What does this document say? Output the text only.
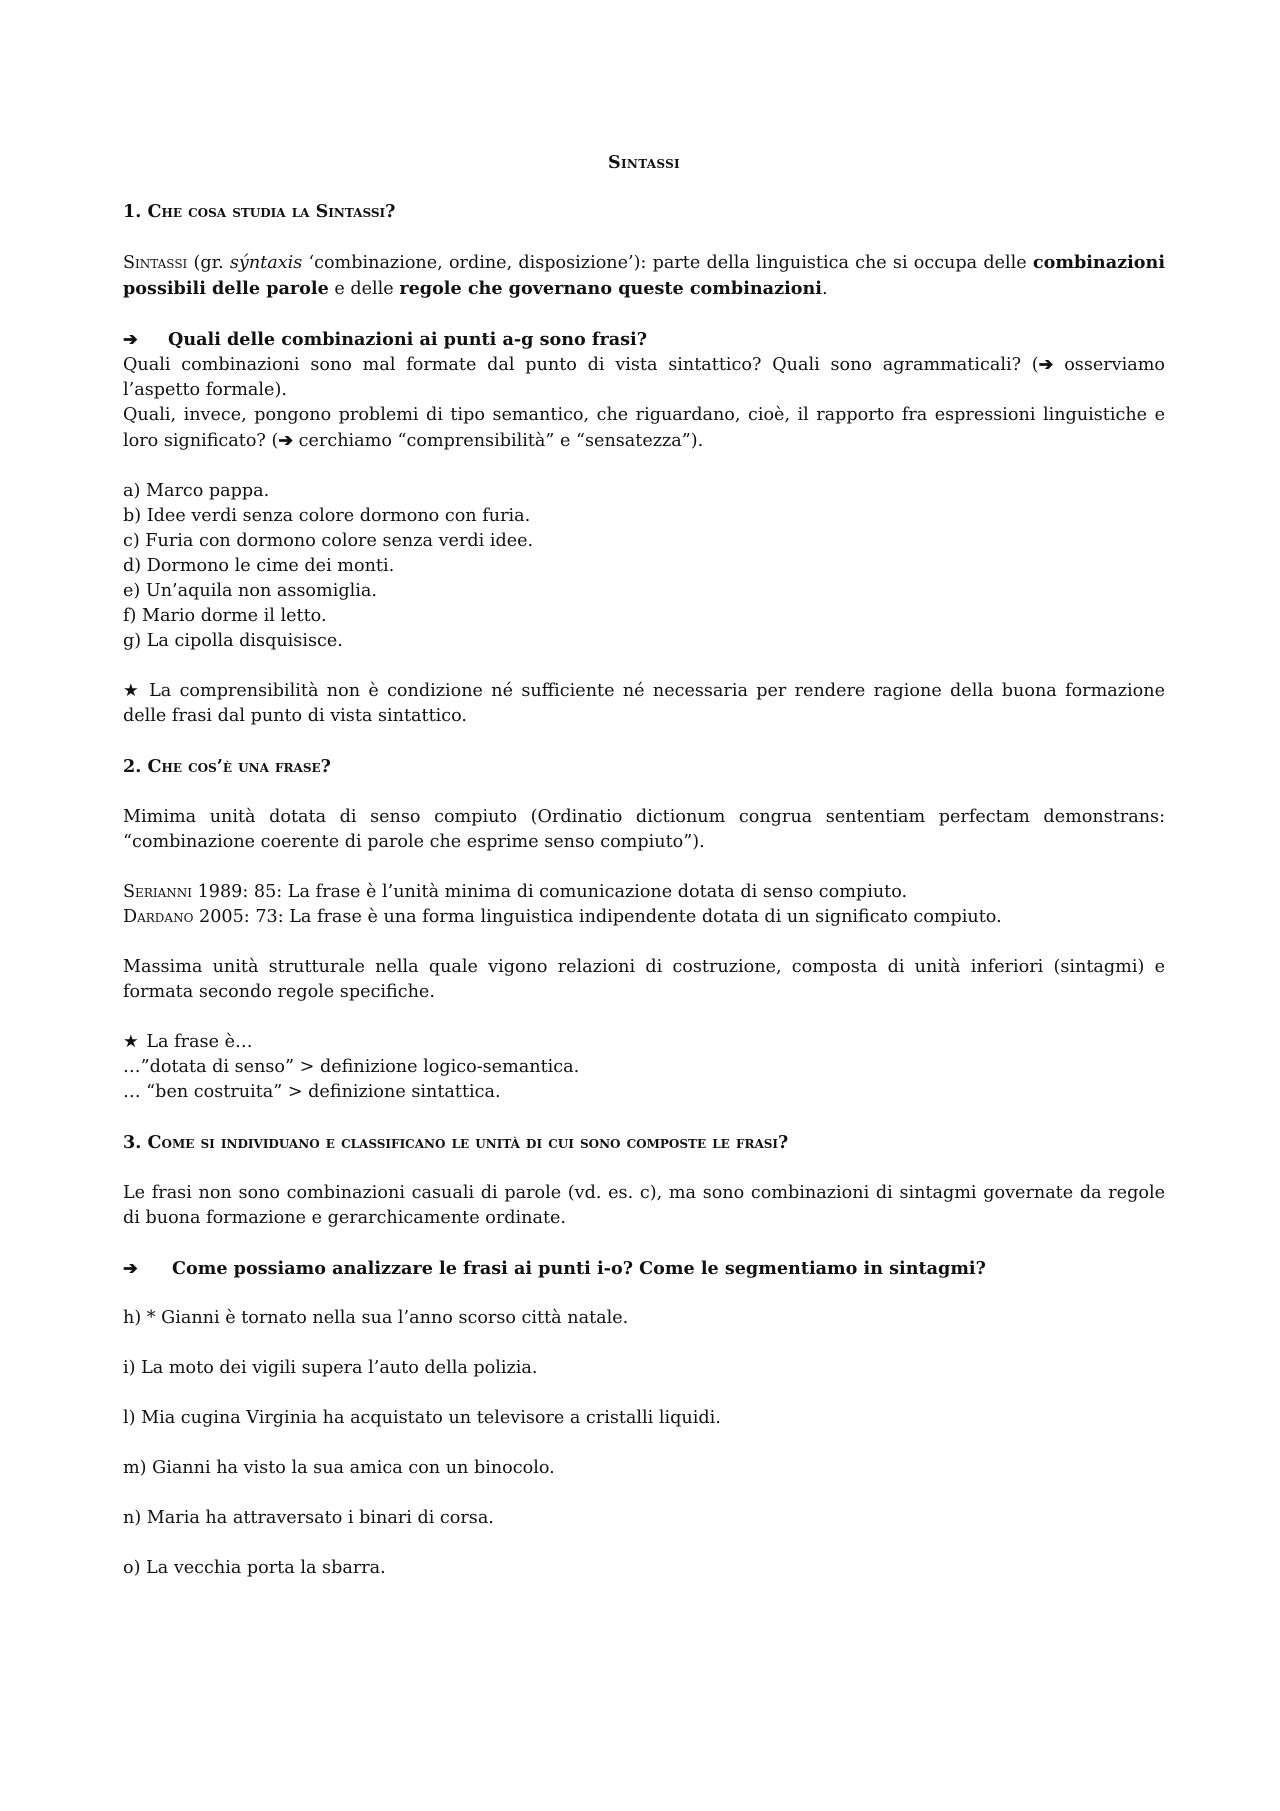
Sintassi

1. Che cosa studia la Sintassi?

Sintassi (gr. sýntaxis ‘combinazione, ordine, disposizione’): parte della linguistica che si occupa delle combinazioni possibili delle parole e delle regole che governano queste combinazioni.

➔	Quali delle combinazioni ai punti a-g sono frasi?

Quali combinazioni sono mal formate dal punto di vista sintattico? Quali sono agrammaticali? (➔ osserviamo l’aspetto formale).

Quali, invece, pongono problemi di tipo semantico, che riguardano, cioè, il rapporto fra espressioni linguistiche e loro significato? (➔ cerchiamo “comprensibilità” e “sensatezza”).

a) Marco pappa.

b) Idee verdi senza colore dormono con furia.

c) Furia con dormono colore senza verdi idee.

d) Dormono le cime dei monti.

e) Un’aquila non assomiglia.

f) Mario dorme il letto.

g) La cipolla disquisisce.

★ La comprensibilità non è condizione né sufficiente né necessaria per rendere ragione della buona formazione delle frasi dal punto di vista sintattico.

2. Che cos’è una frase?

Mimima unità dotata di senso compiuto (Ordinatio dictionum congrua sententiam perfectam demonstrans: “combinazione coerente di parole che esprime senso compiuto”).

Serianni 1989: 85: La frase è l’unità minima di comunicazione dotata di senso compiuto.

Dardano 2005: 73: La frase è una forma linguistica indipendente dotata di un significato compiuto.

Massima unità strutturale nella quale vigono relazioni di costruzione, composta di unità inferiori (sintagmi) e formata secondo regole specifiche.

★ La frase è…

…”dotata di senso” > definizione logico-semantica.

… “ben costruita” > definizione sintattica.

3. Come si individuano e classificano le unità di cui sono composte le frasi?

Le frasi non sono combinazioni casuali di parole (vd. es. c), ma sono combinazioni di sintagmi governate da regole di buona formazione e gerarchicamente ordinate.

➔	Come possiamo analizzare le frasi ai punti i-o? Come le segmentiamo in sintagmi?

h) * Gianni è tornato nella sua l’anno scorso città natale.

i) La moto dei vigili supera l’auto della polizia.

l) Mia cugina Virginia ha acquistato un televisore a cristalli liquidi.

m) Gianni ha visto la sua amica con un binocolo.

n) Maria ha attraversato i binari di corsa.

o) La vecchia porta la sbarra.
